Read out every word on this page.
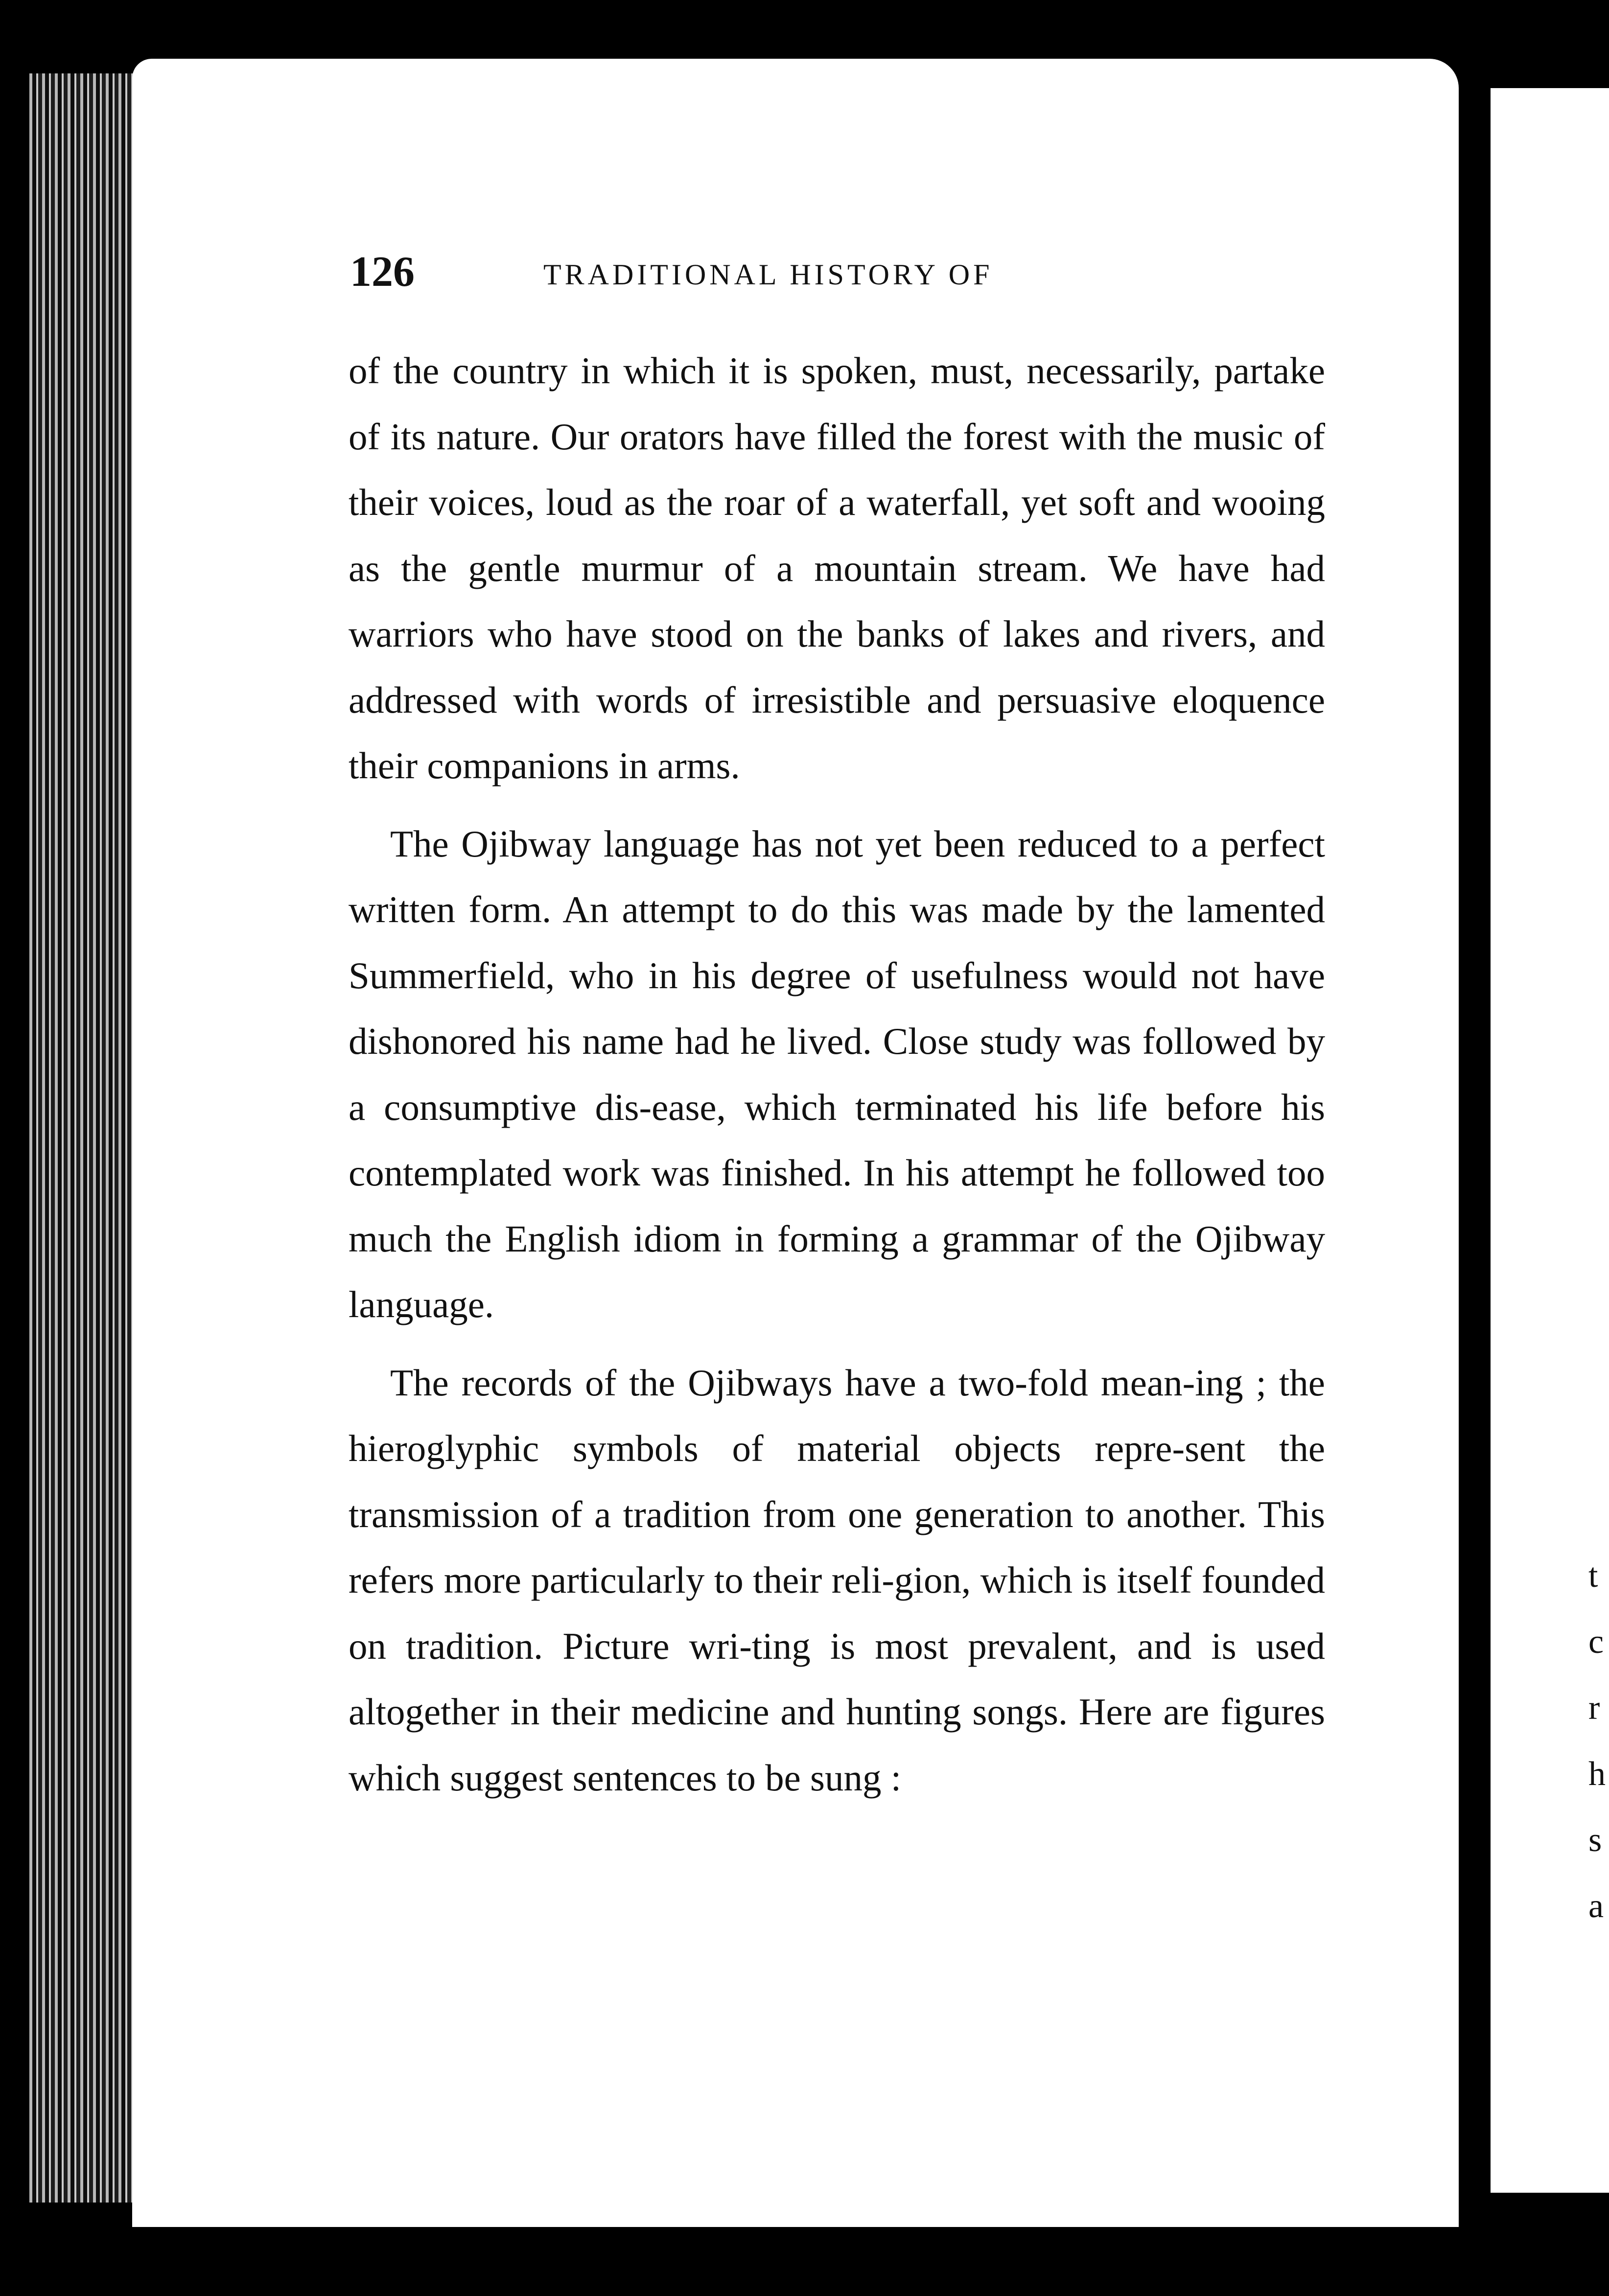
126	TRADITIONAL HISTORY OF

of the country in which it is spoken, must, necessarily, partake of its nature. Our orators have filled the forest with the music of their voices, loud as the roar of a waterfall, yet soft and wooing as the gentle murmur of a mountain stream. We have had warriors who have stood on the banks of lakes and rivers, and addressed with words of irresistible and persuasive eloquence their companions in arms.

The Ojibway language has not yet been reduced to a perfect written form. An attempt to do this was made by the lamented Summerfield, who in his degree of usefulness would not have dishonored his name had he lived. Close study was followed by a consumptive dis-ease, which terminated his life before his contemplated work was finished. In his attempt he followed too much the English idiom in forming a grammar of the Ojibway language.

The records of the Ojibways have a two-fold mean-ing ; the hieroglyphic symbols of material objects repre-sent the transmission of a tradition from one generation to another. This refers more particularly to their reli-gion, which is itself founded on tradition. Picture wri-ting is most prevalent, and is used altogether in their medicine and hunting songs. Here are figures which suggest sentences to be sung :

t
c
r
h
s
a
